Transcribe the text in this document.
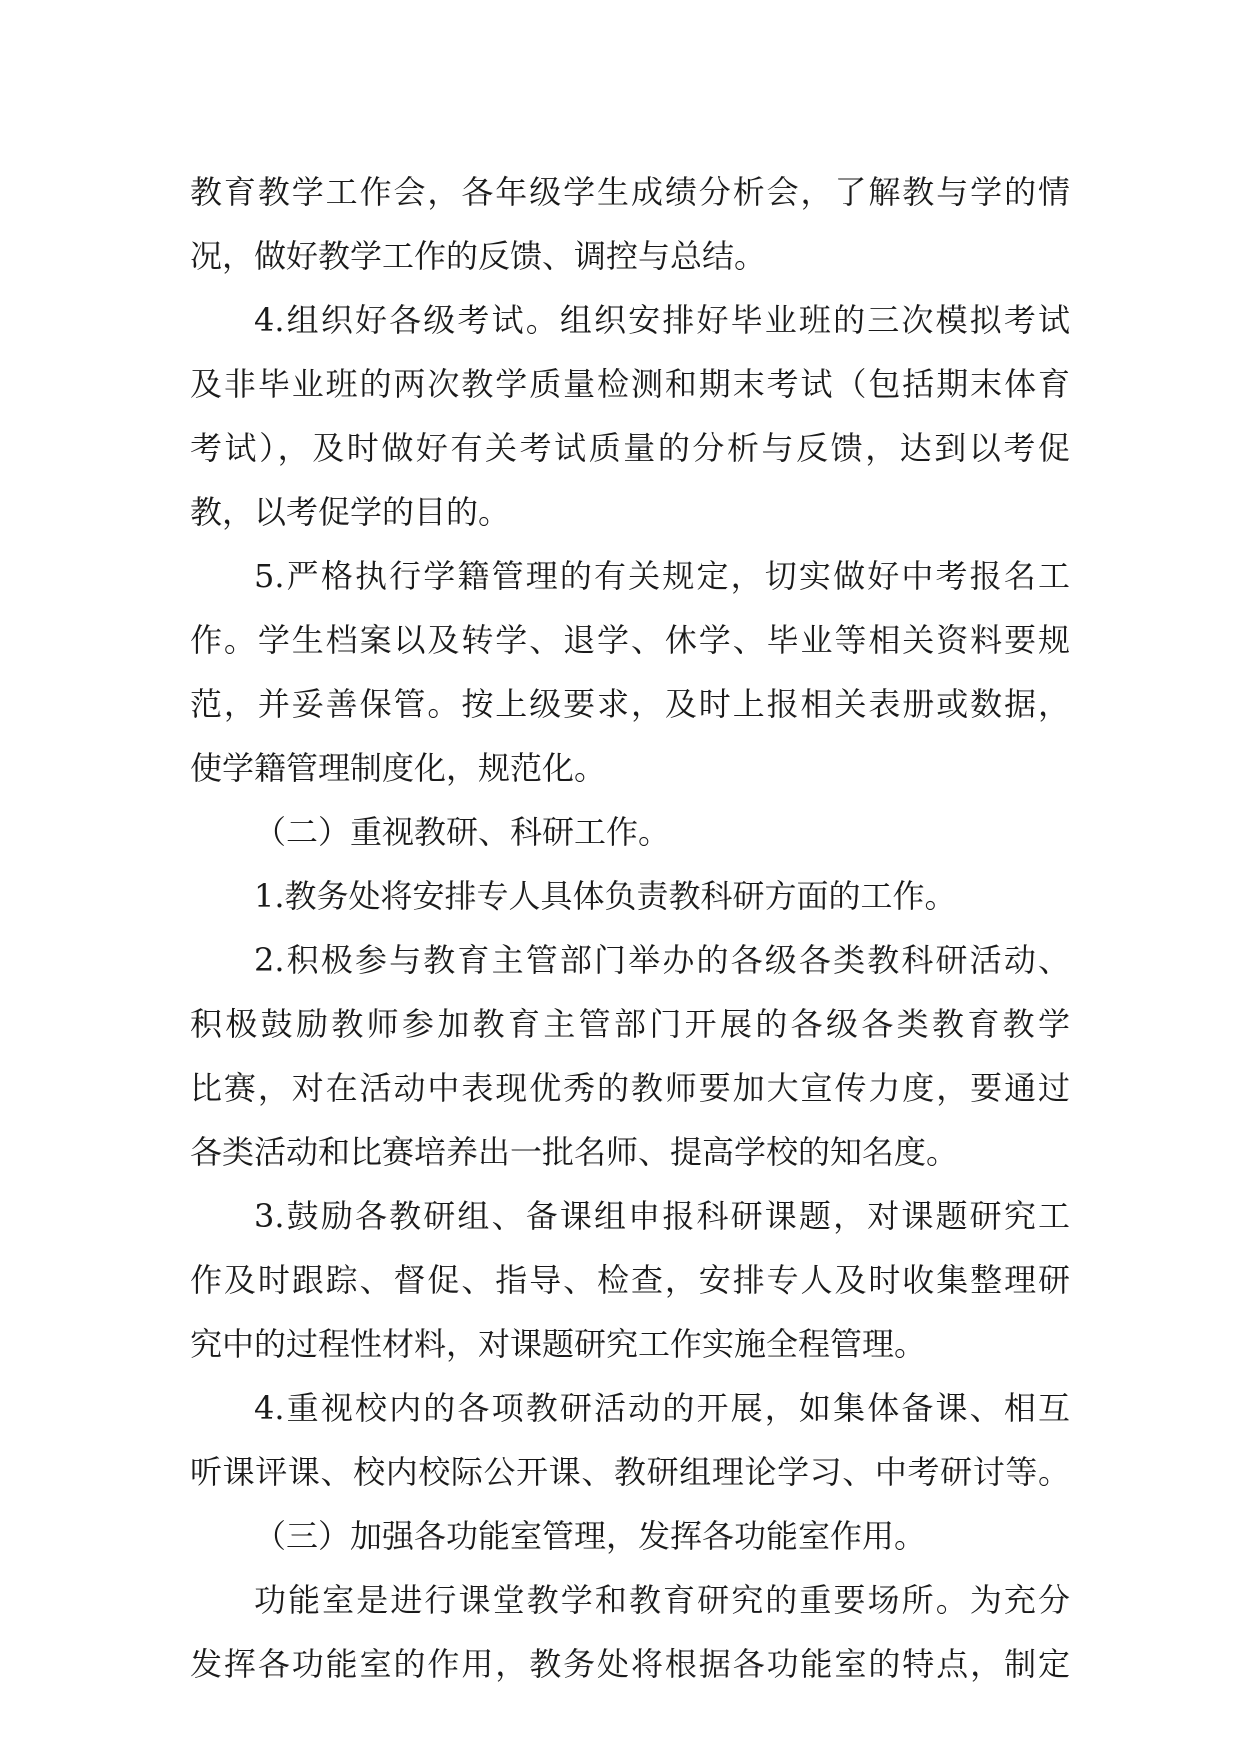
教育教学工作会，各年级学生成绩分析会，了解教与学的情
况，做好教学工作的反馈、调控与总结。
4.组织好各级考试。组织安排好毕业班的三次模拟考试
及非毕业班的两次教学质量检测和期末考试（包括期末体育
考试），及时做好有关考试质量的分析与反馈，达到以考促
教，以考促学的目的。
5.严格执行学籍管理的有关规定，切实做好中考报名工
作。学生档案以及转学、退学、休学、毕业等相关资料要规
范，并妥善保管。按上级要求，及时上报相关表册或数据，
使学籍管理制度化，规范化。
（二）重视教研、科研工作。
1.教务处将安排专人具体负责教科研方面的工作。
2.积极参与教育主管部门举办的各级各类教科研活动、
积极鼓励教师参加教育主管部门开展的各级各类教育教学
比赛，对在活动中表现优秀的教师要加大宣传力度，要通过
各类活动和比赛培养出一批名师、提高学校的知名度。
3.鼓励各教研组、备课组申报科研课题，对课题研究工
作及时跟踪、督促、指导、检查，安排专人及时收集整理研
究中的过程性材料，对课题研究工作实施全程管理。
4.重视校内的各项教研活动的开展，如集体备课、相互
听课评课、校内校际公开课、教研组理论学习、中考研讨等。
（三）加强各功能室管理，发挥各功能室作用。
功能室是进行课堂教学和教育研究的重要场所。为充分
发挥各功能室的作用，教务处将根据各功能室的特点，制定
